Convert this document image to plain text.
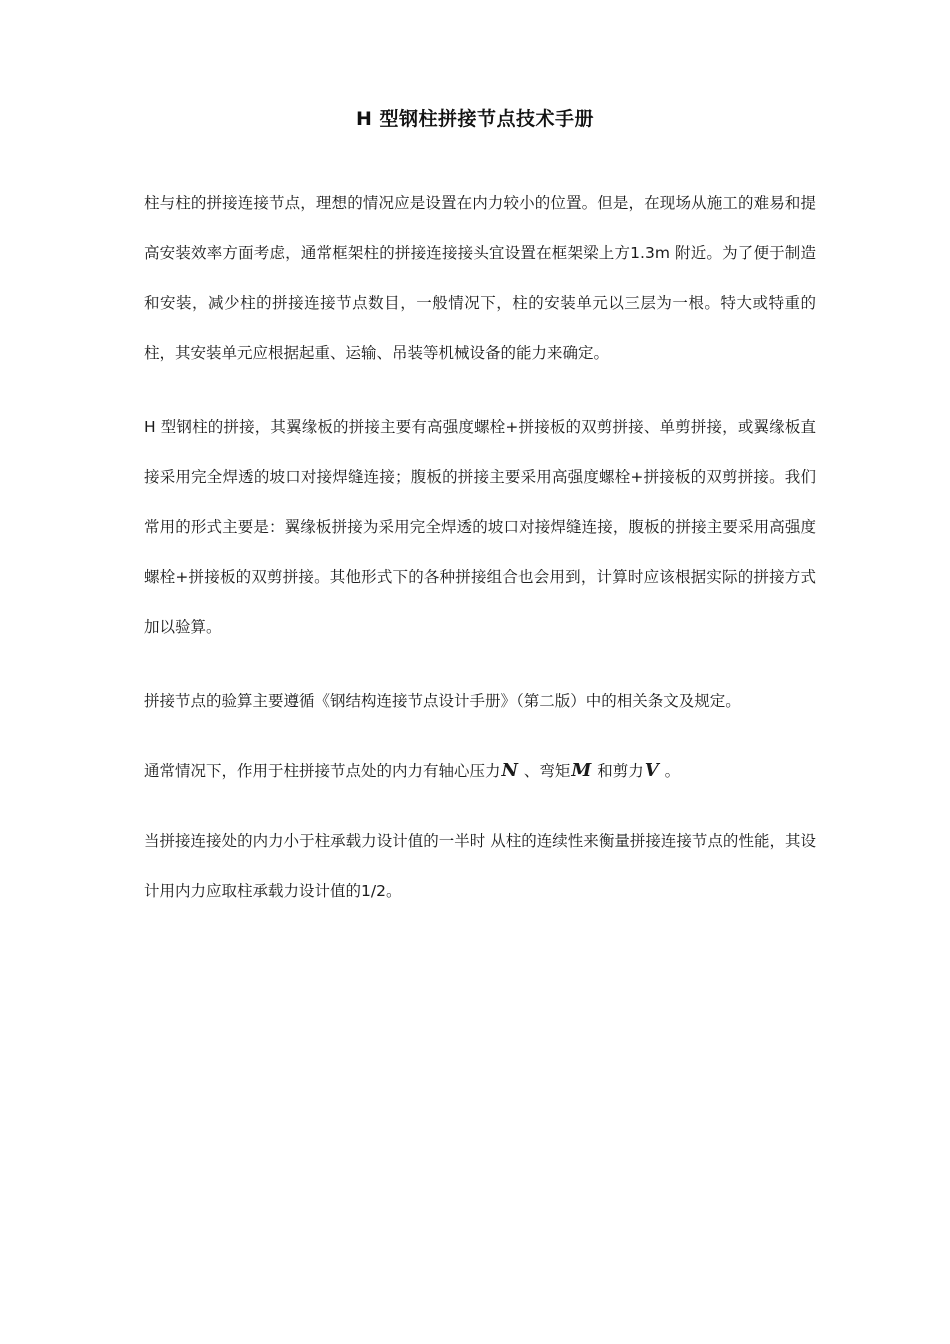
H 型钢柱拼接节点技术手册

柱与柱的拼接连接节点，理想的情况应是设置在内力较小的位置。但是，在现场从施工的难易和提高安装效率方面考虑，通常框架柱的拼接连接接头宜设置在框架梁上方1.3m 附近。为了便于制造和安装，减少柱的拼接连接节点数目，一般情况下，柱的安装单元以三层为一根。特大或特重的柱，其安装单元应根据起重、运输、吊装等机械设备的能力来确定。

H 型钢柱的拼接，其翼缘板的拼接主要有高强度螺栓+拼接板的双剪拼接、单剪拼接，或翼缘板直接采用完全焊透的坡口对接焊缝连接；腹板的拼接主要采用高强度螺栓+拼接板的双剪拼接。我们常用的形式主要是：翼缘板拼接为采用完全焊透的坡口对接焊缝连接，腹板的拼接主要采用高强度螺栓+拼接板的双剪拼接。其他形式下的各种拼接组合也会用到，计算时应该根据实际的拼接方式加以验算。

拼接节点的验算主要遵循《钢结构连接节点设计手册》（第二版）中的相关条文及规定。

通常情况下，作用于柱拼接节点处的内力有轴心压力N 、弯矩M 和剪力V 。

当拼接连接处的内力小于柱承载力设计值的一半时 从柱的连续性来衡量拼接连接节点的性能，其设计用内力应取柱承载力设计值的1/2。
